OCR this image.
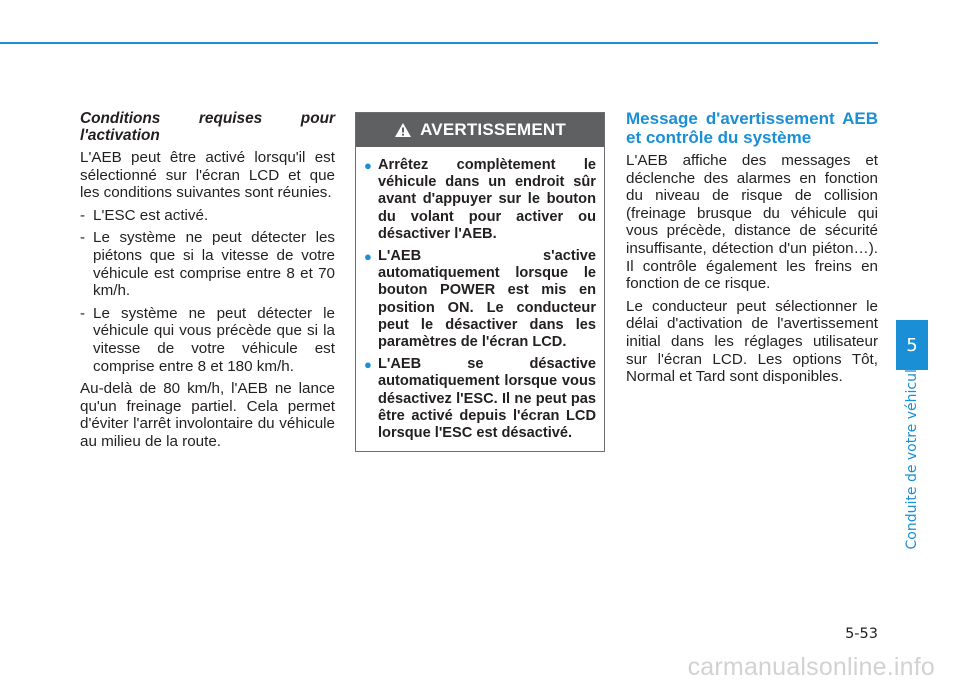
Conditions requises pour l'activation

L'AEB peut être activé lorsqu'il est sélectionné sur l'écran LCD et que les conditions suivantes sont réunies.

- L'ESC est activé.
- Le système ne peut détecter les piétons que si la vitesse de votre véhicule est comprise entre 8 et 70 km/h.
- Le système ne peut détecter le véhicule qui vous précède que si la vitesse de votre véhicule est comprise entre 8 et 180 km/h.

Au-delà de 80 km/h, l'AEB ne lance qu'un freinage partiel. Cela permet d'éviter l'arrêt involontaire du véhicule au milieu de la route.

AVERTISSEMENT
● Arrêtez complètement le véhicule dans un endroit sûr avant d'appuyer sur le bouton du volant pour activer ou désactiver l'AEB.
● L'AEB s'active automatiquement lorsque le bouton POWER est mis en position ON. Le conducteur peut le désactiver dans les paramètres de l'écran LCD.
● L'AEB se désactive automatiquement lorsque vous désactivez l'ESC. Il ne peut pas être activé depuis l'écran LCD lorsque l'ESC est désactivé.

Message d'avertissement AEB et contrôle du système

L'AEB affiche des messages et déclenche des alarmes en fonction du niveau de risque de collision (freinage brusque du véhicule qui vous précède, distance de sécurité insuffisante, détection d'un piéton…). Il contrôle également les freins en fonction de ce risque.

Le conducteur peut sélectionner le délai d'activation de l'avertissement initial dans les réglages utilisateur sur l'écran LCD. Les options Tôt, Normal et Tard sont disponibles.

5
Conduite de votre véhicule
5-53
carmanualsonline.info
